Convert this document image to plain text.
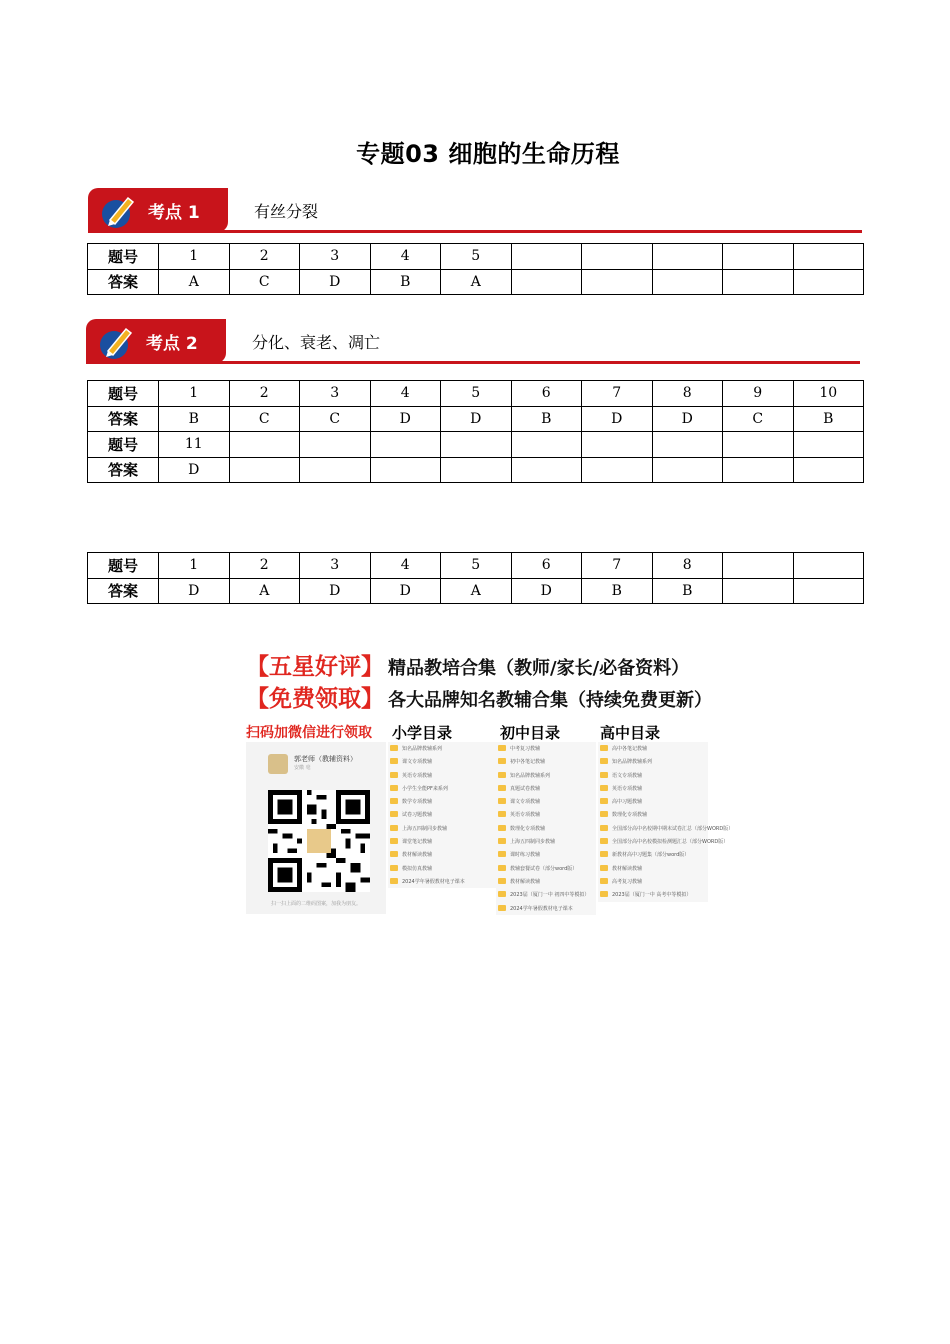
专题03 细胞的生命历程
考点 1	有丝分裂
题号	1	2	3	4	5					
答案	A	C	D	B	A					
考点 2	分化、衰老、凋亡
题号	1	2	3	4	5	6	7	8	9	10
答案	B	C	C	D	D	B	D	D	C	B
题号	11									
答案	D									
题号	1	2	3	4	5	6	7	8		
答案	D	A	D	D	A	D	B	B		
【五星好评】 精品教培合集（教师/家长/必备资料）
【免费领取】 各大品牌知名教辅合集（持续免费更新）
扫码加微信进行领取 小学目录	初中目录	高中目录
郭老师（教辅资料）
安徽 亳
扫一扫上面的二维码图案，加我为朋友。
知名品牌教辅系列
课文专项教辅
英语专项教辅
小学生全能PF来系列
数学专项教辅
试卷习题教辅
上海五四制同步教辅
课堂笔记教辅
教材解读教辅
模拟仿真教辅
2024学年暑假教材电子课本
中考复习教辅
初中各笔记教辅
知名品牌教辅系列
真题试卷教辅
课文专项教辅
英语专项教辅
数理化专项教辅
上海五四制同步教辅
课时练习教辅
教辅套餐试卷（部分word版）
教材解读教辅
2023届（厦门一中 初四中等模拟）
2024学年暑假教材电子课本
高中各笔记教辅
知名品牌教辅系列
语文专项教辅
英语专项教辅
高中习题教辅
数理化专项教辅
全国部分高中名校期中期末试卷汇总（部分WORD版）
全国部分高中名校模拟检测题汇总（部分WORD版）
新教材高中习题集（部分word版）
教材解读教辅
高考复习教辅
2023届（厦门一中 高考中等模拟）
